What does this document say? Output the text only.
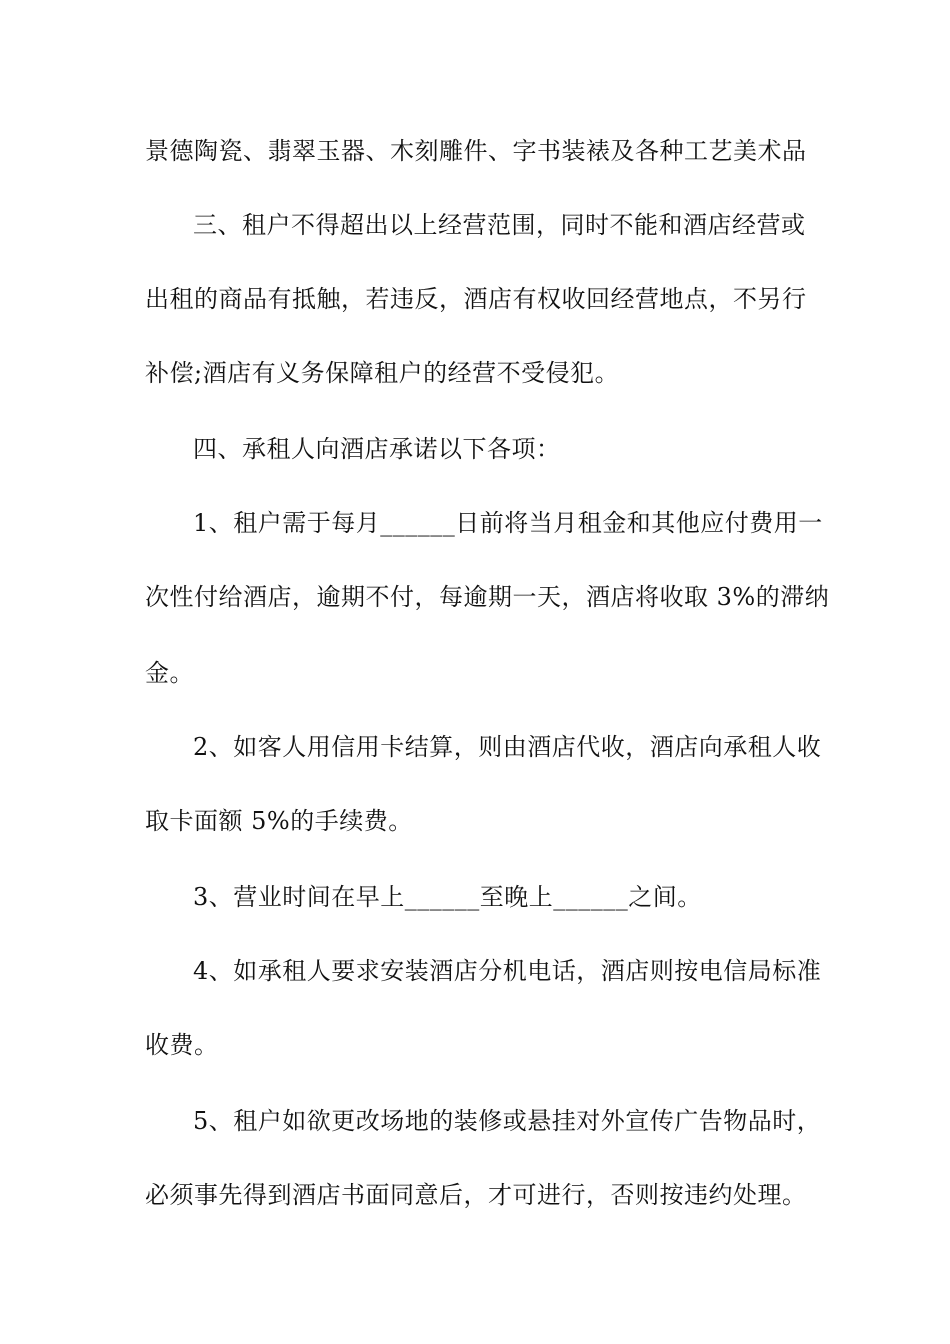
景德陶瓷、翡翠玉器、木刻雕件、字书装裱及各种工艺美术品
三、租户不得超出以上经营范围，同时不能和酒店经营或
出租的商品有抵触，若违反，酒店有权收回经营地点，不另行
补偿;酒店有义务保障租户的经营不受侵犯。
四、承租人向酒店承诺以下各项：
1、租户需于每月______日前将当月租金和其他应付费用一
次性付给酒店，逾期不付，每逾期一天，酒店将收取 3%的滞纳
金。
2、如客人用信用卡结算，则由酒店代收，酒店向承租人收
取卡面额 5%的手续费。
3、营业时间在早上______至晚上______之间。
4、如承租人要求安装酒店分机电话，酒店则按电信局标准
收费。
5、租户如欲更改场地的装修或悬挂对外宣传广告物品时，
必须事先得到酒店书面同意后，才可进行，否则按违约处理。
